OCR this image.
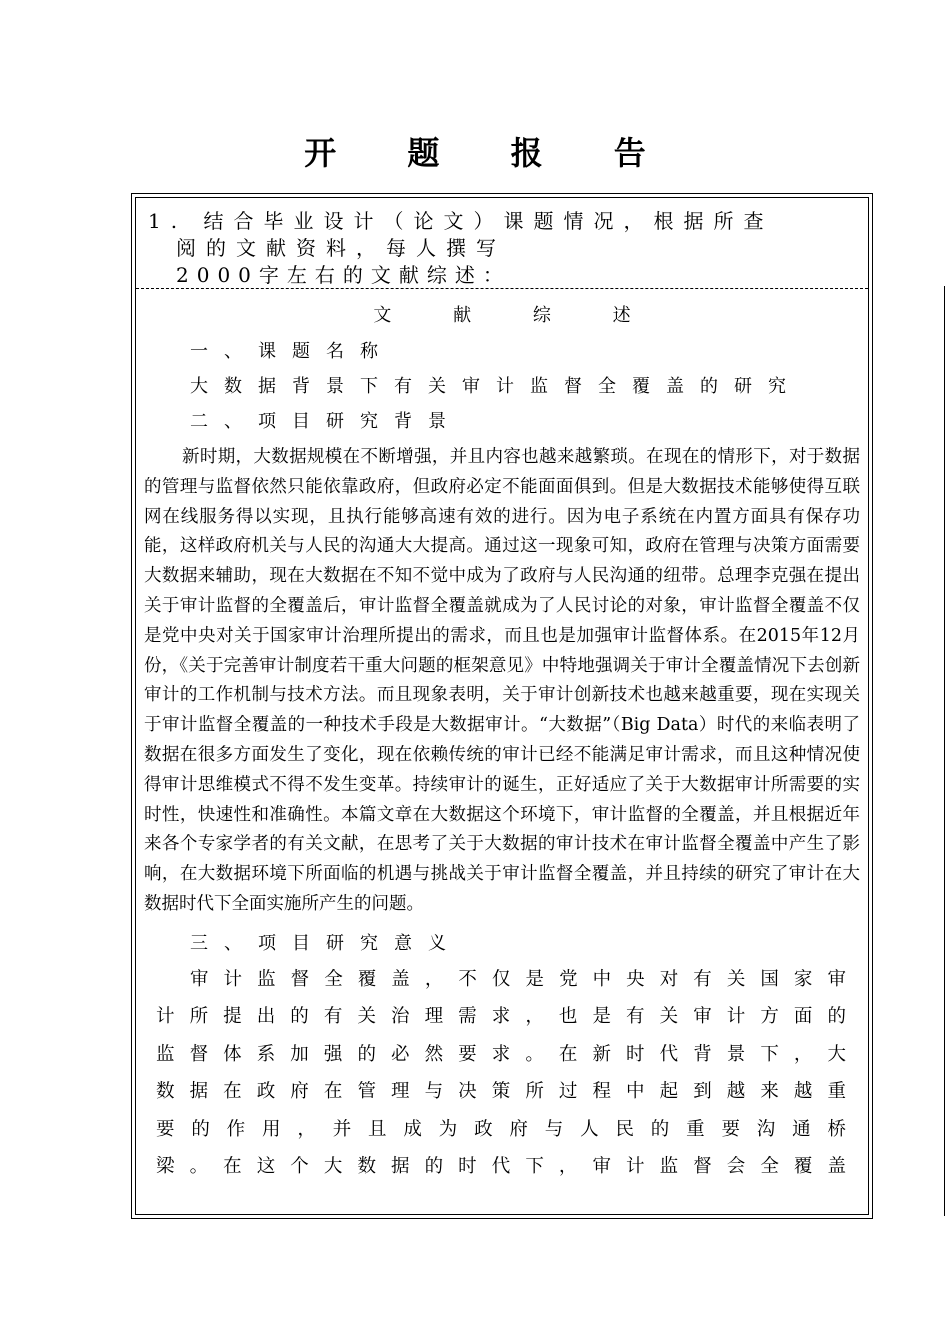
开 题 报 告
1. 结合毕业设计（论文）课题情况，根据所查
阅的文献资料，每人撰写
2000字左右的文献综述：
文 献 综 述
一、课题名称
大数据背景下有关审计监督全覆盖的研究
二、项目研究背景

新时期，大数据规模在不断增强，并且内容也越来越繁琐。在现在的情形下，对于数据的管理与监督依然只能依靠政府，但政府必定不能面面俱到。但是大数据技术能够使得互联网在线服务得以实现，且执行能够高速有效的进行。因为电子系统在内置方面具有保存功能，这样政府机关与人民的沟通大大提高。通过这一现象可知，政府在管理与决策方面需要大数据来辅助，现在大数据在不知不觉中成为了政府与人民沟通的纽带。总理李克强在提出关于审计监督的全覆盖后，审计监督全覆盖就成为了人民讨论的对象，审计监督全覆盖不仅是党中央对关于国家审计治理所提出的需求，而且也是加强审计监督体系。在2015年12月份，《关于完善审计制度若干重大问题的框架意见》中特地强调关于审计全覆盖情况下去创新审计的工作机制与技术方法。而且现象表明，关于审计创新技术也越来越重要，现在实现关于审计监督全覆盖的一种技术手段是大数据审计。“大数据”（Big Data）时代的来临表明了数据在很多方面发生了变化，现在依赖传统的审计已经不能满足审计需求，而且这种情况使得审计思维模式不得不发生变革。持续审计的诞生，正好适应了关于大数据审计所需要的实时性，快速性和准确性。本篇文章在大数据这个环境下，审计监督的全覆盖，并且根据近年来各个专家学者的有关文献，在思考了关于大数据的审计技术在审计监督全覆盖中产生了影响，在大数据环境下所面临的机遇与挑战关于审计监督全覆盖，并且持续的研究了审计在大数据时代下全面实施所产生的问题。

三、项目研究意义
审计监督全覆盖，不仅是党中央对有关国家审
计所提出的有关治理需求，也是有关审计方面的
监督体系加强的必然要求。在新时代背景下，大
数据在政府在管理与决策所过程中起到越来越重
要的作用，并且成为政府与人民的重要沟通桥
梁。在这个大数据的时代下，审计监督会全覆盖
